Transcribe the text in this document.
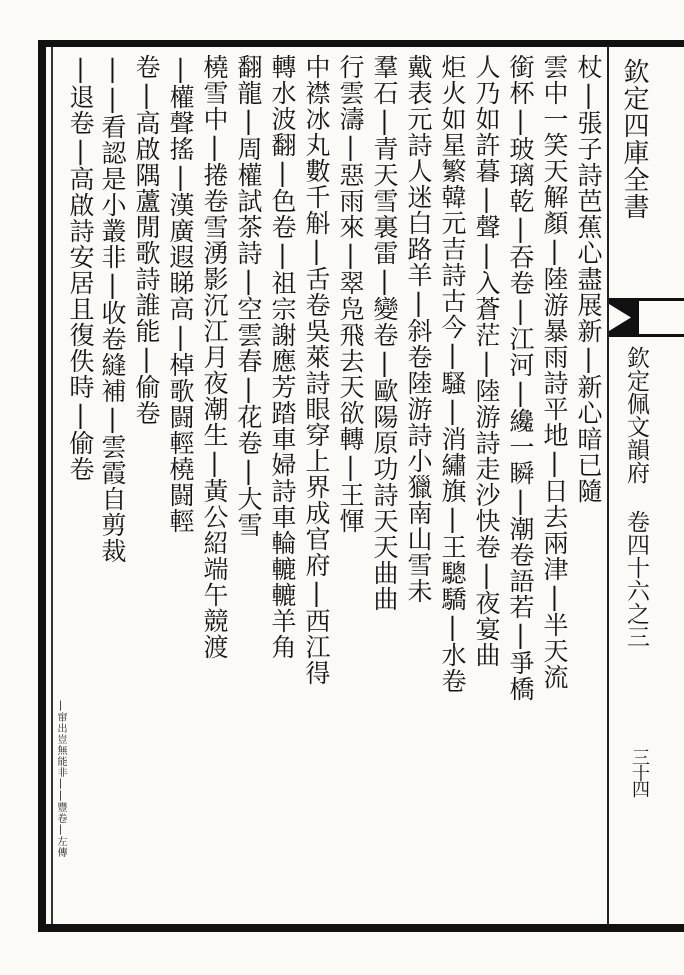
欽定四庫全書
欽定佩文韻府 卷四十六之三
三十四
杖|張子詩芭蕉心盡展新|新心暗已隨
雲中一笑天解顏|陸游暴雨詩平地|日去兩津|半天流
銜杯|玻璃乾|吞卷|江河|纔一瞬|潮卷語若|爭橋
人乃如許暮|聲|入蒼茫|陸游詩走沙快卷|夜宴曲
炬火如星繁韓元吉詩古今|騷|消繡旗|王驄驕|水卷
戴表元詩人迷白路羊|斜卷陸游詩小獵南山雪未
羣石|青天雪裏雷|變卷|歐陽原功詩天天曲曲
行雲濤|惡雨來|翠凫飛去天欲轉|王惲
中襟冰丸數千斛|舌卷吳萊詩眼穿上界成官府|西江得
轉水波翻|色卷|祖宗謝應芳踏車婦詩車輪轆轆羊角
翻龍|周權試茶詩|空雲春|花卷|大雪
橈雪中|捲卷雪湧影沉江月夜潮生|黃公紹端午競渡
|權聲搖|漢廣遐睇高|棹歌闘輕橈闘輕
卷|高啟隅蘆閒歌詩誰能|偷卷
||看認是小叢非|收卷縫補|雲霞自剪裁
|退卷|高啟詩安居且復佚時|偷卷
|窜出豈無能非||豐卷|左傳
